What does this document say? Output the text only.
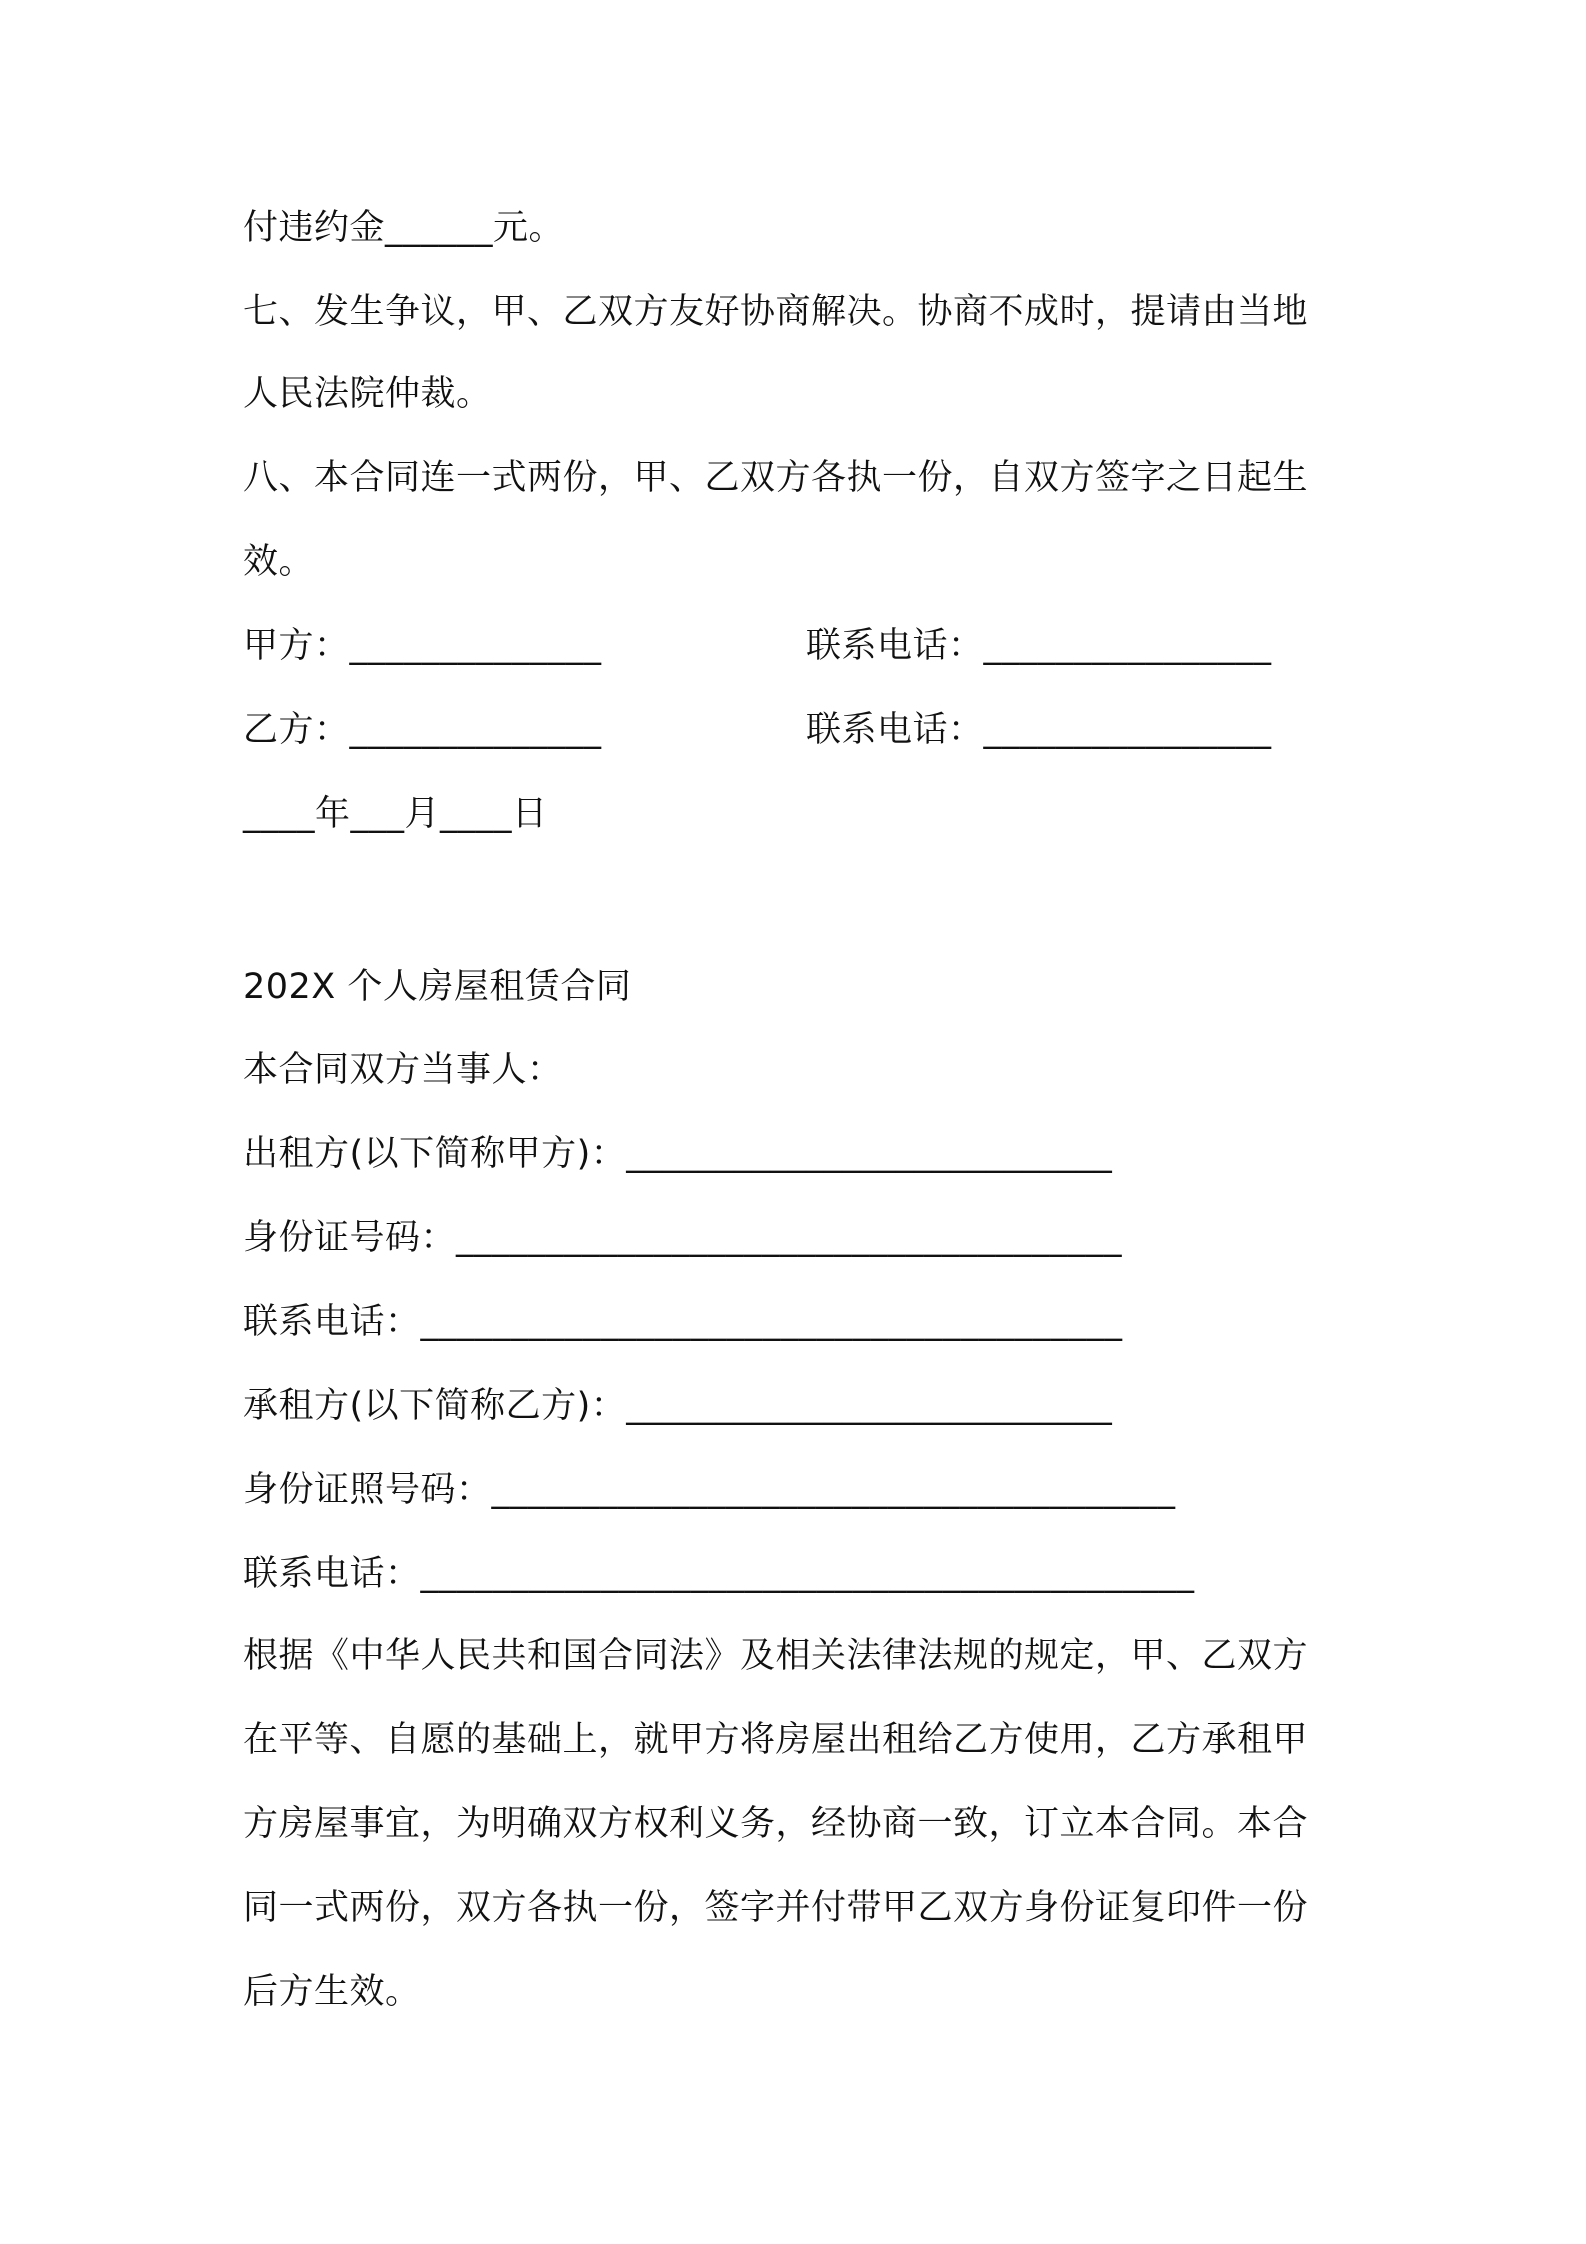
付违约金______元。
七、发生争议，甲、乙双方友好协商解决。协商不成时，提请由当地
人民法院仲裁。
八、本合同连一式两份，甲、乙双方各执一份，自双方签字之日起生
效。
甲方：______________	联系电话：________________
乙方：______________	联系电话：________________
____年___月____日
202X 个人房屋租赁合同
本合同双方当事人：
出租方(以下简称甲方)：___________________________
身份证号码：_____________________________________
联系电话：_______________________________________
承租方(以下简称乙方)：___________________________
身份证照号码：______________________________________
联系电话：___________________________________________
根据《中华人民共和国合同法》及相关法律法规的规定，甲、乙双方
在平等、自愿的基础上，就甲方将房屋出租给乙方使用，乙方承租甲
方房屋事宜，为明确双方权利义务，经协商一致，订立本合同。本合
同一式两份，双方各执一份，签字并付带甲乙双方身份证复印件一份
后方生效。
